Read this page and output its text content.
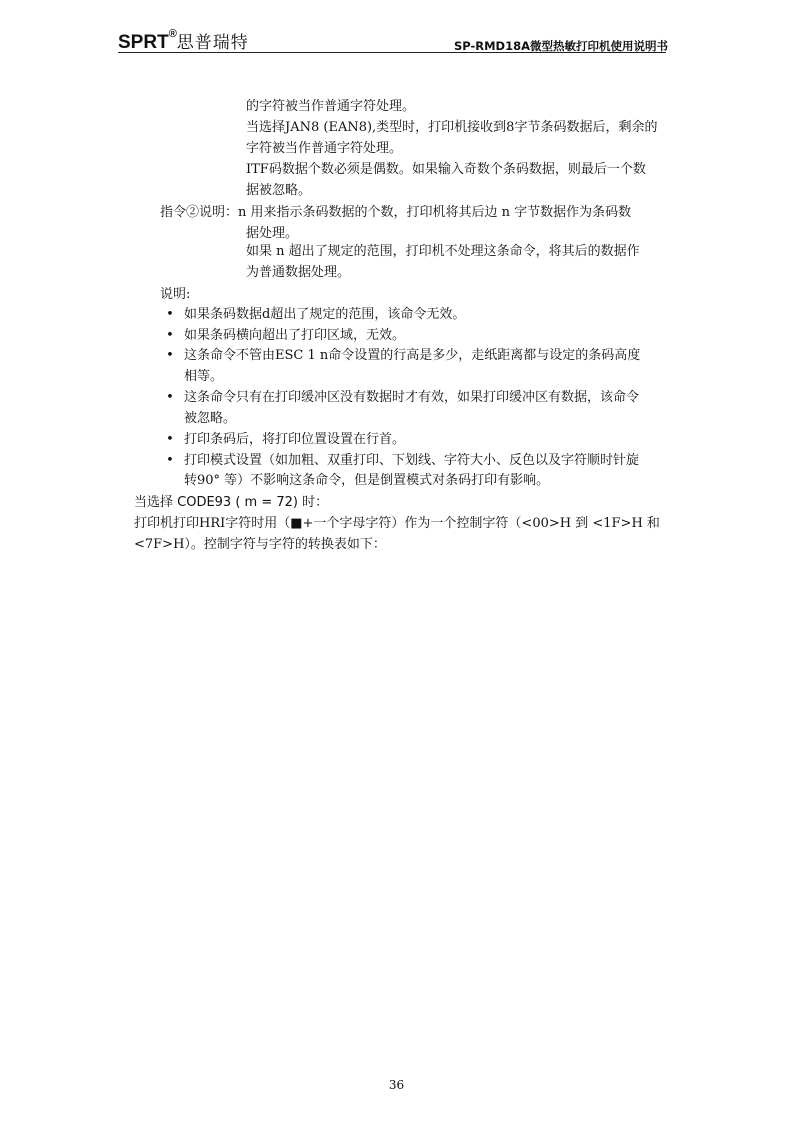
SPRT®思普瑞特	SP-RMD18A微型热敏打印机使用说明书
的字符被当作普通字符处理。
当选择JAN8 (EAN8),类型时，打印机接收到8字节条码数据后，剩余的
字符被当作普通字符处理。
ITF码数据个数必须是偶数。如果输入奇数个条码数据，则最后一个数
据被忽略。
指令②说明：n 用来指示条码数据的个数，打印机将其后边 n 字节数据作为条码数
据处理。
如果 n 超出了规定的范围，打印机不处理这条命令，将其后的数据作
为普通数据处理。
说明:
• 如果条码数据d超出了规定的范围，该命令无效。
• 如果条码横向超出了打印区域，无效。
• 这条命令不管由ESC 1 n命令设置的行高是多少，走纸距离都与设定的条码高度
相等。
• 这条命令只有在打印缓冲区没有数据时才有效，如果打印缓冲区有数据，该命令
被忽略。
• 打印条码后，将打印位置设置在行首。
• 打印模式设置（如加粗、双重打印、下划线、字符大小、反色以及字符顺时针旋
转90° 等）不影响这条命令，但是倒置模式对条码打印有影响。
当选择 CODE93 ( m = 72) 时：
打印机打印HRI字符时用（■+一个字母字符）作为一个控制字符（<00>H 到 <1F>H 和
<7F>H）。控制字符与字符的转换表如下：
36
